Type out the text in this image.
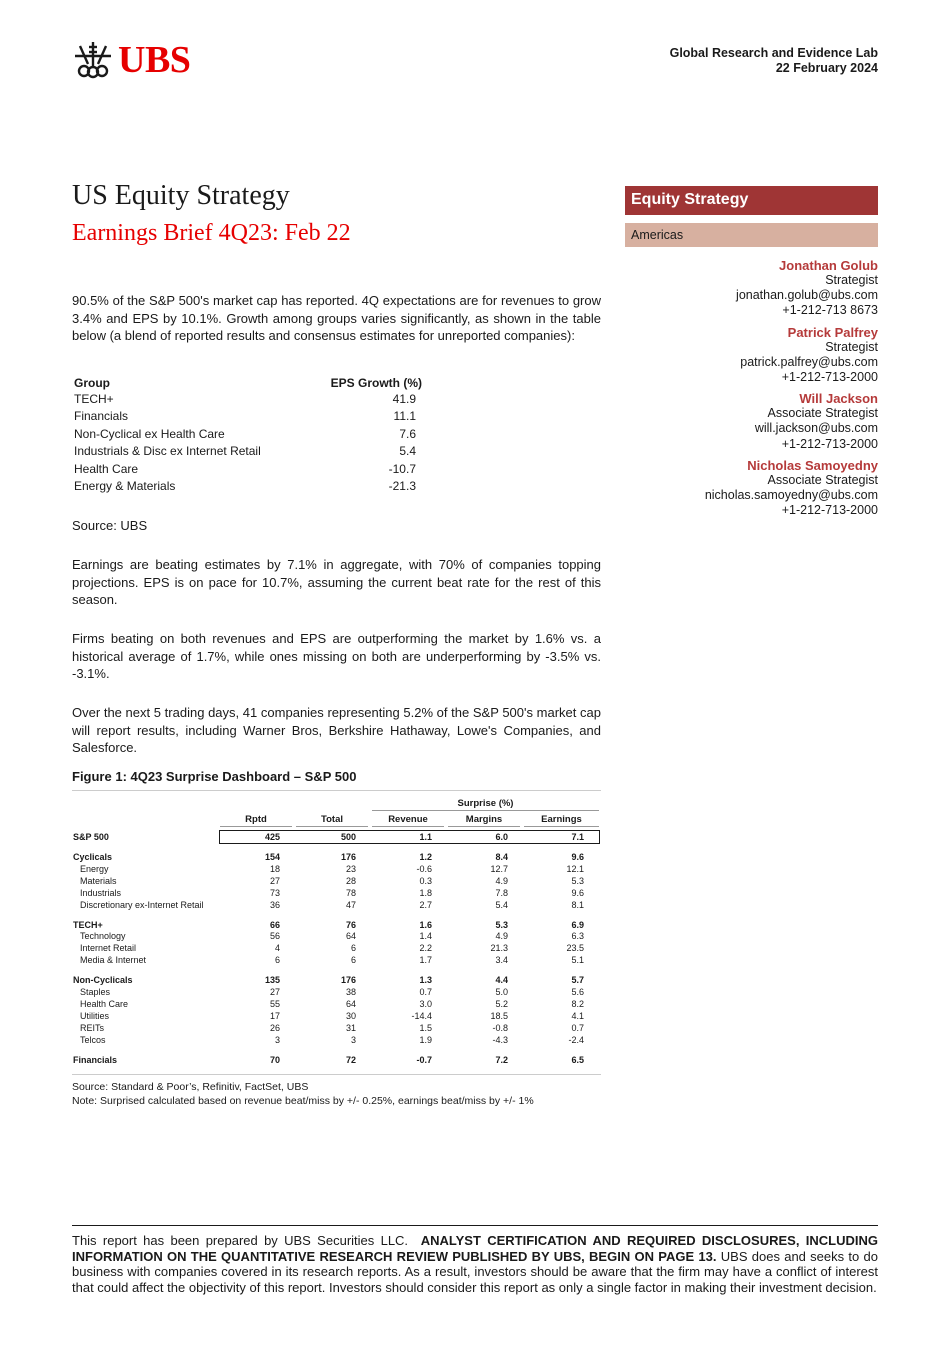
UBS	Global Research and Evidence Lab
22 February 2024
US Equity Strategy
Earnings Brief 4Q23: Feb 22
Equity Strategy
Americas
Jonathan Golub
Strategist
jonathan.golub@ubs.com
+1-212-713 8673
Patrick Palfrey
Strategist
patrick.palfrey@ubs.com
+1-212-713-2000
Will Jackson
Associate Strategist
will.jackson@ubs.com
+1-212-713-2000
Nicholas Samoyedny
Associate Strategist
nicholas.samoyedny@ubs.com
+1-212-713-2000

90.5% of the S&P 500's market cap has reported. 4Q expectations are for revenues to grow 3.4% and EPS by 10.1%. Growth among groups varies significantly, as shown in the table below (a blend of reported results and consensus estimates for unreported companies):

Group	EPS Growth (%)
TECH+	41.9
Financials	11.1
Non-Cyclical ex Health Care	7.6
Industrials & Disc ex Internet Retail	5.4
Health Care	-10.7
Energy & Materials	-21.3
Source: UBS

Earnings are beating estimates by 7.1% in aggregate, with 70% of companies topping projections. EPS is on pace for 10.7%, assuming the current beat rate for the rest of this season.

Firms beating on both revenues and EPS are outperforming the market by 1.6% vs. a historical average of 1.7%, while ones missing on both are underperforming by -3.5% vs. -3.1%.

Over the next 5 trading days, 41 companies representing 5.2% of the S&P 500's market cap will report results, including Warner Bros, Berkshire Hathaway, Lowe's Companies, and Salesforce.

Figure 1: 4Q23 Surprise Dashboard – S&P 500
Surprise (%)
Rptd	Total	Revenue	Margins	Earnings
S&P 500	425	500	1.1	6.0	7.1
Cyclicals	154	176	1.2	8.4	9.6
Energy	18	23	-0.6	12.7	12.1
Materials	27	28	0.3	4.9	5.3
Industrials	73	78	1.8	7.8	9.6
Discretionary ex-Internet Retail	36	47	2.7	5.4	8.1
TECH+	66	76	1.6	5.3	6.9
Technology	56	64	1.4	4.9	6.3
Internet Retail	4	6	2.2	21.3	23.5
Media & Internet	6	6	1.7	3.4	5.1
Non-Cyclicals	135	176	1.3	4.4	5.7
Staples	27	38	0.7	5.0	5.6
Health Care	55	64	3.0	5.2	8.2
Utilities	17	30	-14.4	18.5	4.1
REITs	26	31	1.5	-0.8	0.7
Telcos	3	3	1.9	-4.3	-2.4
Financials	70	72	-0.7	7.2	6.5
Source: Standard & Poor’s, Refinitiv, FactSet, UBS
Note: Surprised calculated based on revenue beat/miss by +/- 0.25%, earnings beat/miss by +/- 1%
This report has been prepared by UBS Securities LLC. ANALYST CERTIFICATION AND REQUIRED DISCLOSURES, INCLUDING INFORMATION ON THE QUANTITATIVE RESEARCH REVIEW PUBLISHED BY UBS, BEGIN ON PAGE 13. UBS does and seeks to do business with companies covered in its research reports. As a result, investors should be aware that the firm may have a conflict of interest that could affect the objectivity of this report. Investors should consider this report as only a single factor in making their investment decision.
